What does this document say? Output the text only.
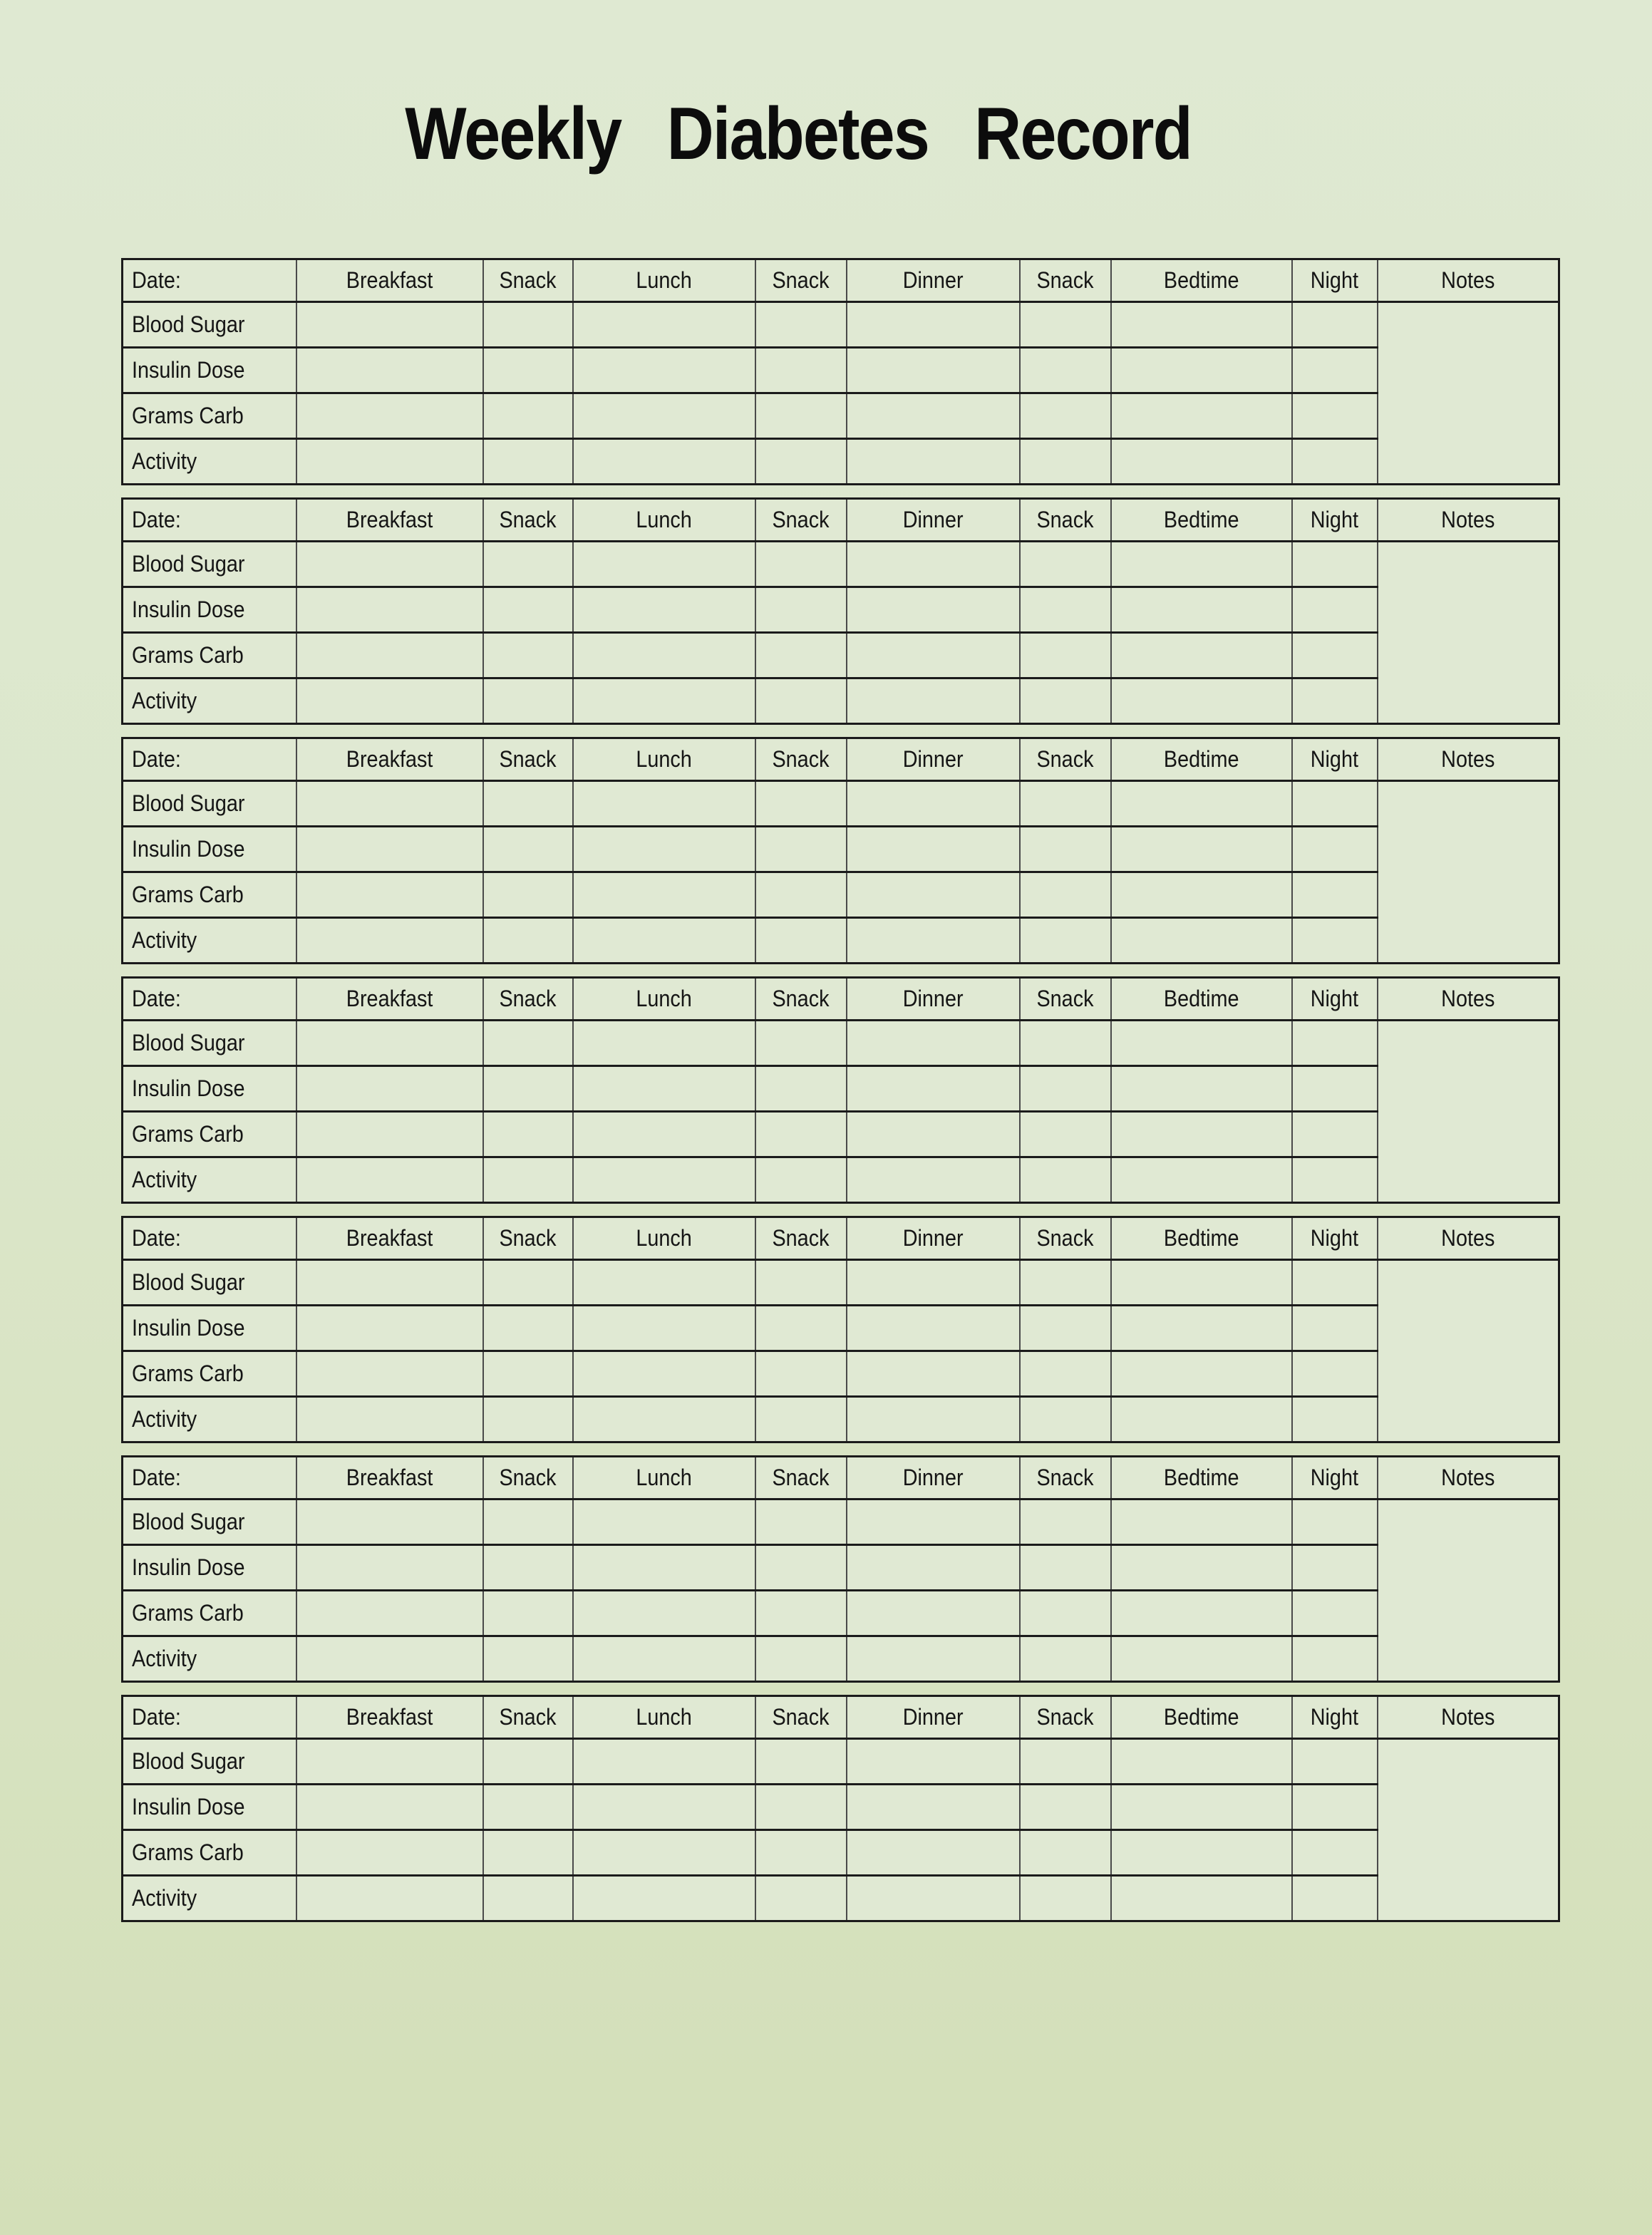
Weekly Diabetes Record
Date:	Breakfast	Snack	Lunch	Snack	Dinner	Snack	Bedtime	Night	Notes
Blood Sugar									
Insulin Dose									
Grams Carb									
Activity									
Date:	Breakfast	Snack	Lunch	Snack	Dinner	Snack	Bedtime	Night	Notes
Blood Sugar									
Insulin Dose									
Grams Carb									
Activity									
Date:	Breakfast	Snack	Lunch	Snack	Dinner	Snack	Bedtime	Night	Notes
Blood Sugar									
Insulin Dose									
Grams Carb									
Activity									
Date:	Breakfast	Snack	Lunch	Snack	Dinner	Snack	Bedtime	Night	Notes
Blood Sugar									
Insulin Dose									
Grams Carb									
Activity									
Date:	Breakfast	Snack	Lunch	Snack	Dinner	Snack	Bedtime	Night	Notes
Blood Sugar									
Insulin Dose									
Grams Carb									
Activity									
Date:	Breakfast	Snack	Lunch	Snack	Dinner	Snack	Bedtime	Night	Notes
Blood Sugar									
Insulin Dose									
Grams Carb									
Activity									
Date:	Breakfast	Snack	Lunch	Snack	Dinner	Snack	Bedtime	Night	Notes
Blood Sugar									
Insulin Dose									
Grams Carb									
Activity									
